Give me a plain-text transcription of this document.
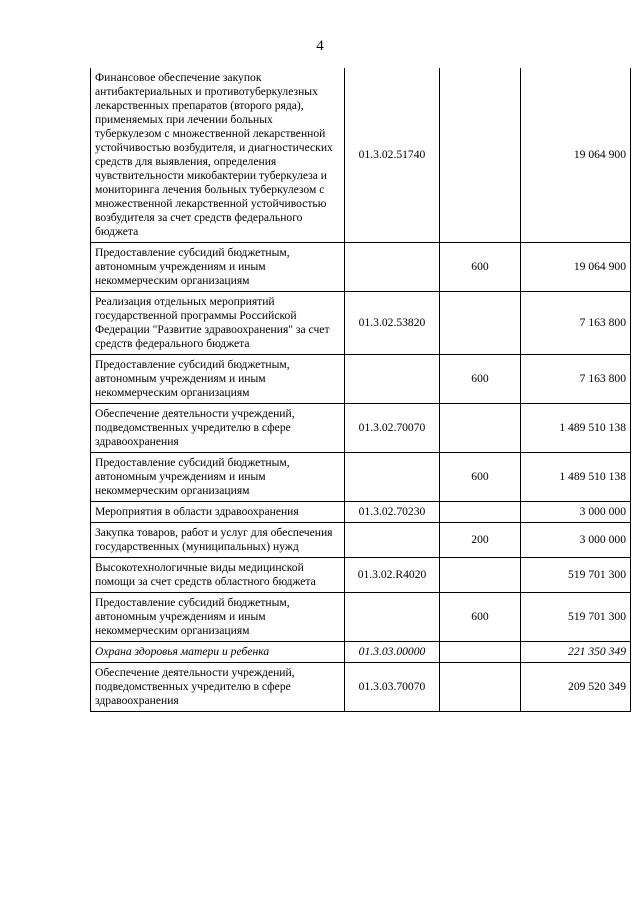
4
Финансовое обеспечение закупок антибактериальных и противотуберкулезных лекарственных препаратов (второго ряда), применяемых при лечении больных туберкулезом с множественной лекарственной устойчивостью возбудителя, и диагностических средств для выявления, определения чувствительности микобактерии туберкулеза и мониторинга лечения больных туберкулезом с множественной лекарственной устойчивостью возбудителя за счет средств федерального бюджета	01.3.02.51740		19 064 900
Предоставление субсидий бюджетным, автономным учреждениям и иным некоммерческим организациям		600	19 064 900
Реализация отдельных мероприятий государственной программы Российской Федерации "Развитие здравоохранения" за счет средств федерального бюджета	01.3.02.53820		7 163 800
Предоставление субсидий бюджетным, автономным учреждениям и иным некоммерческим организациям		600	7 163 800
Обеспечение деятельности учреждений, подведомственных учредителю в сфере здравоохранения	01.3.02.70070		1 489 510 138
Предоставление субсидий бюджетным, автономным учреждениям и иным некоммерческим организациям		600	1 489 510 138
Мероприятия в области здравоохранения	01.3.02.70230		3 000 000
Закупка товаров, работ и услуг для обеспечения государственных (муниципальных) нужд		200	3 000 000
Высокотехнологичные виды медицинской помощи за счет средств областного бюджета	01.3.02.R4020		519 701 300
Предоставление субсидий бюджетным, автономным учреждениям и иным некоммерческим организациям		600	519 701 300
Охрана здоровья матери и ребенка	01.3.03.00000		221 350 349
Обеспечение деятельности учреждений, подведомственных учредителю в сфере здравоохранения	01.3.03.70070		209 520 349
